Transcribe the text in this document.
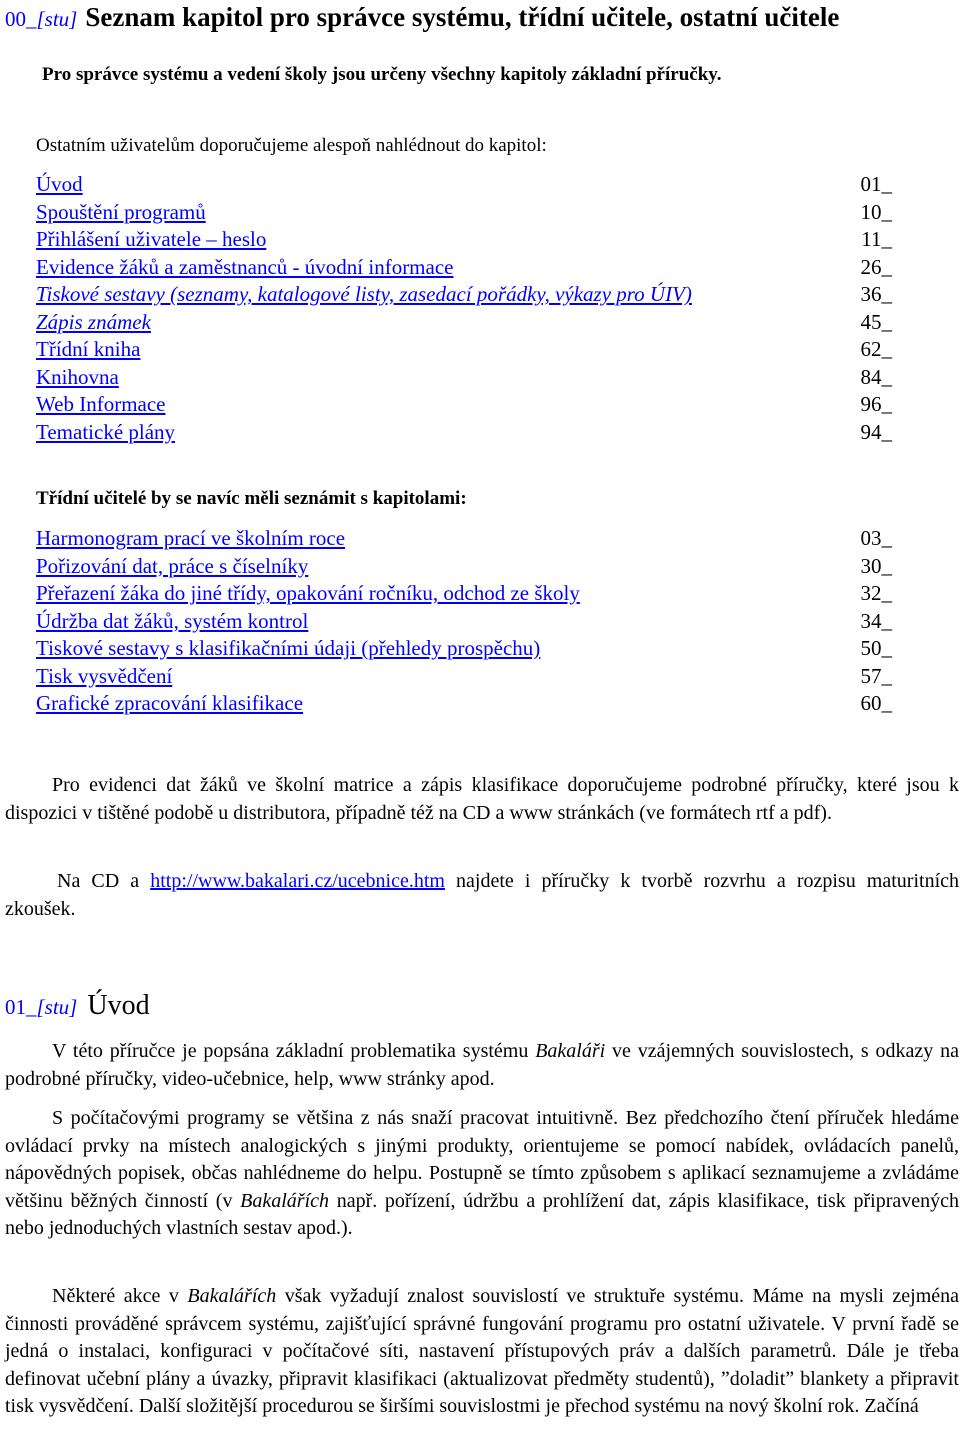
00_[stu] Seznam kapitol pro správce systému, třídní učitele, ostatní učitele
Pro správce systému a vedení školy jsou určeny všechny kapitoly základní příručky.
Ostatním uživatelům doporučujeme alespoň nahlédnout do kapitol:
Úvod	01_
Spouštění programů	10_
Přihlášení uživatele – heslo	11_
Evidence žáků a zaměstnanců - úvodní informace	26_
Tiskové sestavy (seznamy, katalogové listy, zasedací pořádky, výkazy pro ÚIV)	36_
Zápis známek	45_
Třídní kniha	62_
Knihovna	84_
Web Informace	96_
Tematické plány	94_
Třídní učitelé by se navíc měli seznámit s kapitolami:
Harmonogram prací ve školním roce	03_
Pořizování dat, práce s číselníky	30_
Přeřazení žáka do jiné třídy, opakování ročníku, odchod ze školy	32_
Údržba dat žáků, systém kontrol	34_
Tiskové sestavy s klasifikačními údaji (přehledy prospěchu)	50_
Tisk vysvědčení	57_
Grafické zpracování klasifikace	60_

Pro evidenci dat žáků ve školní matrice a zápis klasifikace doporučujeme podrobné příručky, které jsou k dispozici v tištěné podobě u distributora, případně též na CD a www stránkách (ve formátech rtf a pdf).

Na CD a http://www.bakalari.cz/ucebnice.htm najdete i příručky k tvorbě rozvrhu a rozpisu maturitních zkoušek.

01_[stu] Úvod

V této příručce je popsána základní problematika systému Bakaláři ve vzájemných souvislostech, s odkazy na podrobné příručky, video-učebnice, help, www stránky apod.

S počítačovými programy se většina z nás snaží pracovat intuitivně. Bez předchozího čtení příruček hledáme ovládací prvky na místech analogických s jinými produkty, orientujeme se pomocí nabídek, ovládacích panelů, nápovědných popisek, občas nahlédneme do helpu. Postupně se tímto způsobem s aplikací seznamujeme a zvládáme většinu běžných činností (v Bakalářích např. pořízení, údržbu a prohlížení dat, zápis klasifikace, tisk připravených nebo jednoduchých vlastních sestav apod.).

Některé akce v Bakalářích však vyžadují znalost souvislostí ve struktuře systému. Máme na mysli zejména činnosti prováděné správcem systému, zajišťující správné fungování programu pro ostatní uživatele. V první řadě se jedná o instalaci, konfiguraci v počítačové síti, nastavení přístupových práv a dalších parametrů. Dále je třeba definovat učební plány a úvazky, připravit klasifikaci (aktualizovat předměty studentů), ˮdoladitˮ blankety a připravit tisk vysvědčení. Další složitější procedurou se širšími souvislostmi je přechod systému na nový školní rok. Začíná
